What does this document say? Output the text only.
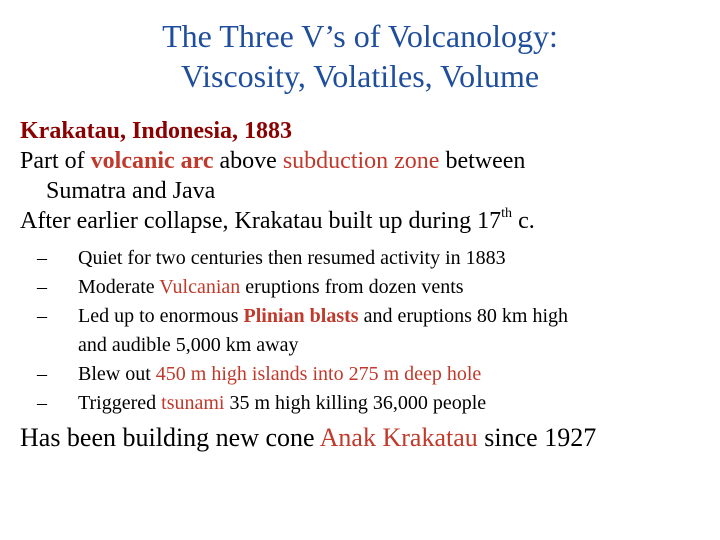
The Three V’s of Volcanology:
Viscosity, Volatiles, Volume

Krakatau, Indonesia, 1883

Part of volcanic arc above subduction zone between
Sumatra and Java

After earlier collapse, Krakatau built up during 17th c.

– Quiet for two centuries then resumed activity in 1883
– Moderate Vulcanian eruptions from dozen vents
– Led up to enormous Plinian blasts and eruptions 80 km high
and audible 5,000 km away
– Blew out 450 m high islands into 275 m deep hole
– Triggered tsunami 35 m high killing 36,000 people

Has been building new cone Anak Krakatau since 1927
